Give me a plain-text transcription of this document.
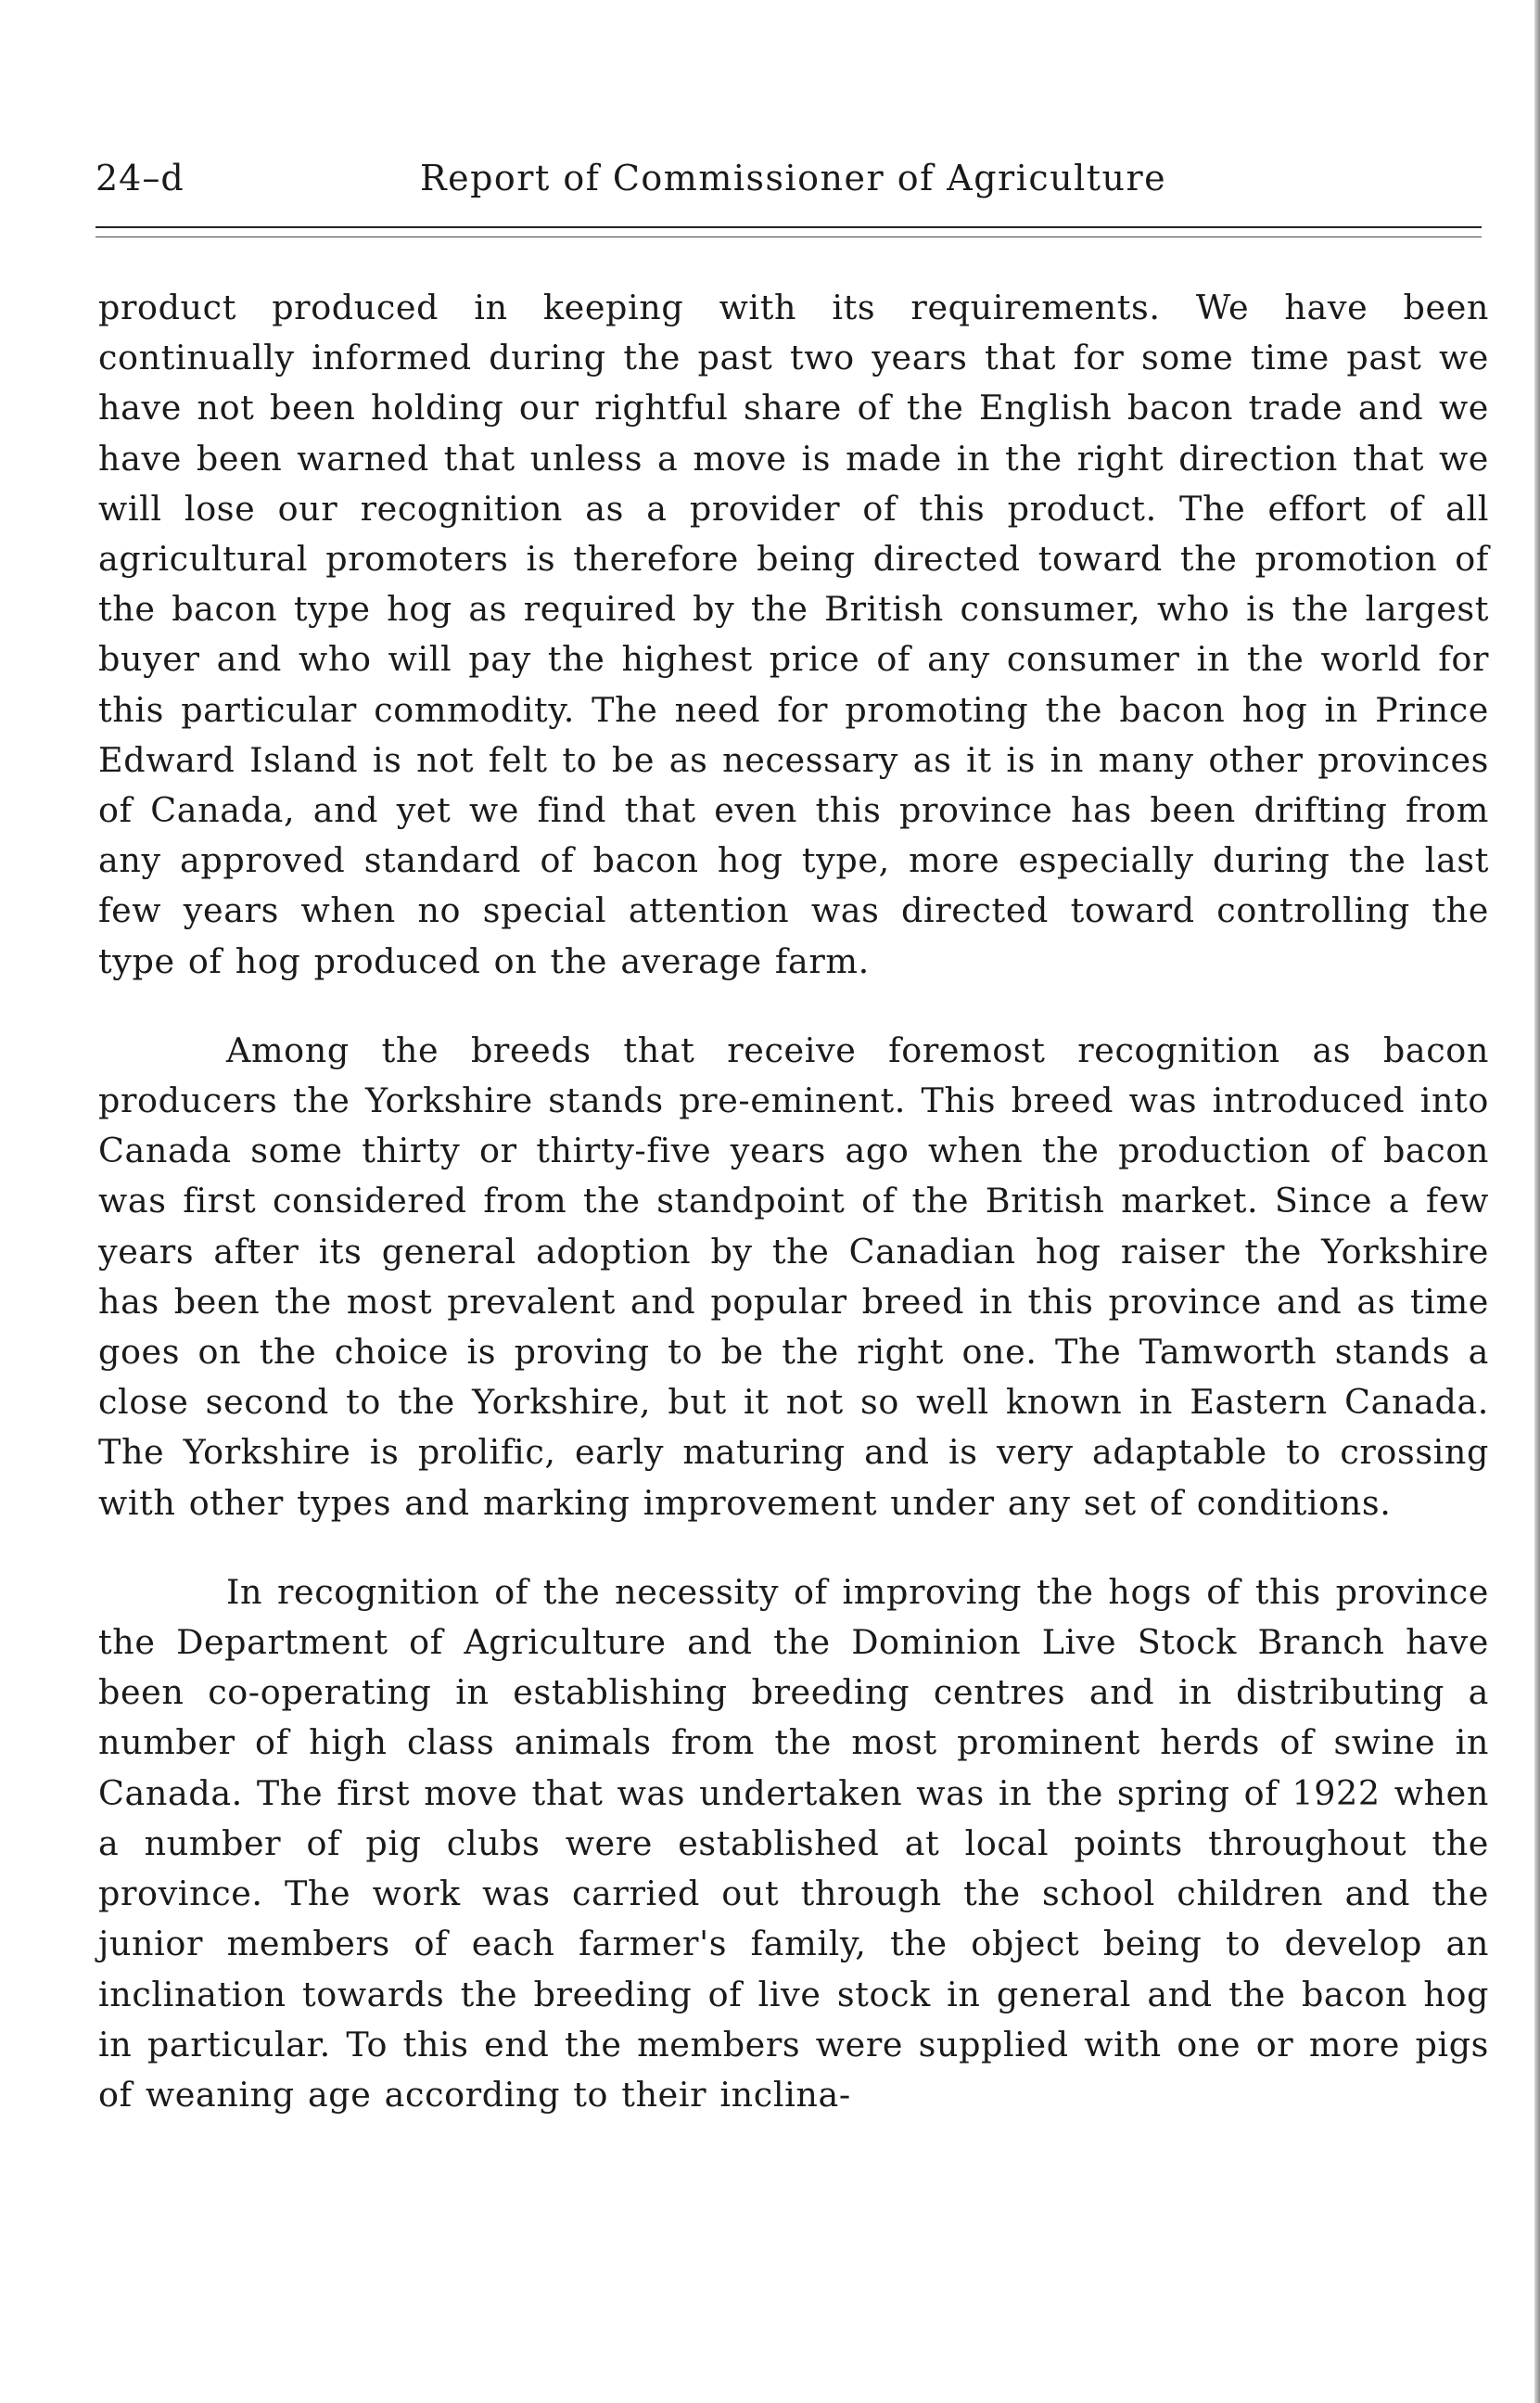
24–d	Report of Commissioner of Agriculture

product produced in keeping with its requirements. We have been continually informed during the past two years that for some time past we have not been holding our rightful share of the English bacon trade and we have been warned that unless a move is made in the right direction that we will lose our recognition as a provider of this product. The effort of all agricultural promoters is therefore being directed toward the promotion of the bacon type hog as required by the British consumer, who is the largest buyer and who will pay the highest price of any consumer in the world for this particular commodity. The need for promoting the bacon hog in Prince Edward Island is not felt to be as necessary as it is in many other provinces of Canada, and yet we find that even this province has been drifting from any approved standard of bacon hog type, more especially during the last few years when no special attention was directed toward controlling the type of hog produced on the average farm.

Among the breeds that receive foremost recognition as bacon producers the Yorkshire stands pre-eminent. This breed was introduced into Canada some thirty or thirty-five years ago when the production of bacon was first considered from the standpoint of the British market. Since a few years after its general adoption by the Canadian hog raiser the Yorkshire has been the most prevalent and popular breed in this province and as time goes on the choice is proving to be the right one. The Tamworth stands a close second to the Yorkshire, but it not so well known in Eastern Canada. The Yorkshire is prolific, early maturing and is very adaptable to crossing with other types and marking improvement under any set of conditions.

In recognition of the necessity of improving the hogs of this province the Department of Agriculture and the Dominion Live Stock Branch have been co-operating in establishing breeding centres and in distributing a number of high class animals from the most prominent herds of swine in Canada. The first move that was undertaken was in the spring of 1922 when a number of pig clubs were established at local points throughout the province. The work was carried out through the school children and the junior members of each farmer's family, the object being to develop an inclination towards the breeding of live stock in general and the bacon hog in particular. To this end the members were supplied with one or more pigs of weaning age according to their inclina-
